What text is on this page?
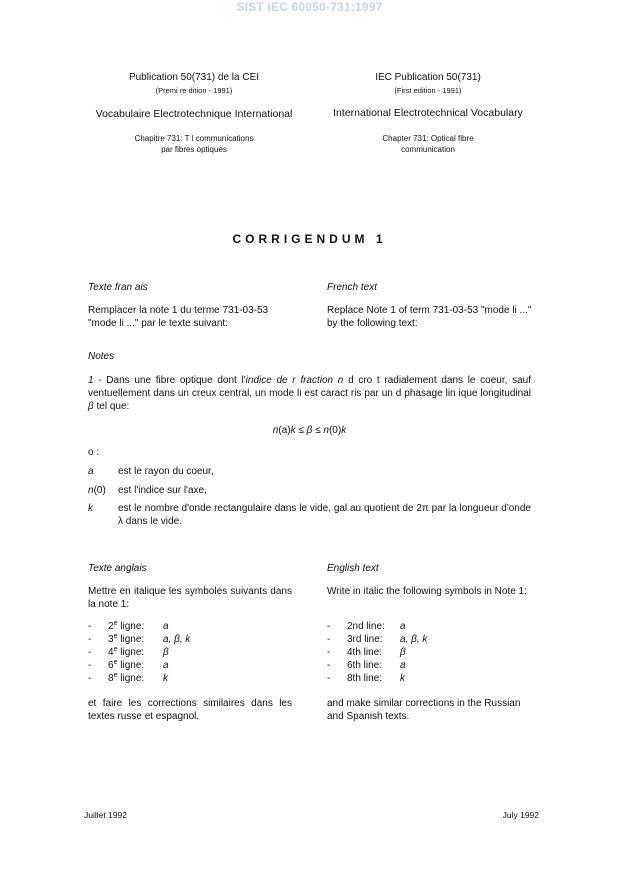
SIST IEC 60050-731:1997
Publication 50(731) de la CEI
(Premi re dition - 1991)
Vocabulaire Electrotechnique International
Chapitre 731: T l communications
par fibres optiques
IEC Publication 50(731)
(First edition - 1991)
International Electrotechnical Vocabulary
Chapter 731: Optical fibre
communication
CORRIGENDUM 1
Texte fran ais	French text
Remplacer la note 1 du terme 731-03-53 "mode li ..." par le texte suivant:
Replace Note 1 of term 731-03-53 "mode li ..." by the following text:
Notes
1 - Dans une fibre optique dont l'indice de r fraction n d cro t radialement dans le coeur, sauf ventuellement dans un creux central, un mode li est caract ris par un d phasage lin ique longitudinal β tel que:
n(a)k ≤ β ≤ n(0)k
o :
a est le rayon du coeur,
n(0) est l'indice sur l'axe,
k	est le nombre d'onde rectangulaire dans le vide, gal au quotient de 2π par la longueur d'onde λ dans le vide.
Texte anglais	English text
Mettre en italique les symboles suivants dans la note 1:
Write in italic the following symbols in Note 1:
- 2e ligne: a
- 3e ligne: a, β, k
- 4e ligne: β
- 6e ligne: a
- 8e ligne: k
- 2nd line: a
- 3rd line: a, β, k
- 4th line: β
- 6th line: a
- 8th line: k
et faire les corrections similaires dans les textes russe et espagnol.
and make similar corrections in the Russian and Spanish texts.
Juillet 1992	July 1992
